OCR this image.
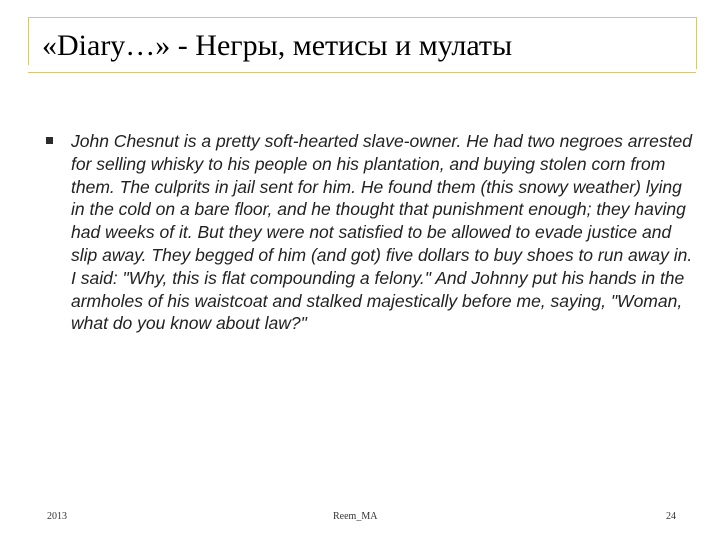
«Diary…» - Негры, метисы и мулаты

John Chesnut is a pretty soft-hearted slave-owner. He had two negroes arrested for selling whisky to his people on his plantation, and buying stolen corn from them. The culprits in jail sent for him. He found them (this snowy weather) lying in the cold on a bare floor, and he thought that punishment enough; they having had weeks of it. But they were not satisfied to be allowed to evade justice and slip away. They begged of him (and got) five dollars to buy shoes to run away in. I said: "Why, this is flat compounding a felony." And Johnny put his hands in the armholes of his waistcoat and stalked majestically before me, saying, "Woman, what do you know about law?"

2013	Reem_MA	24
